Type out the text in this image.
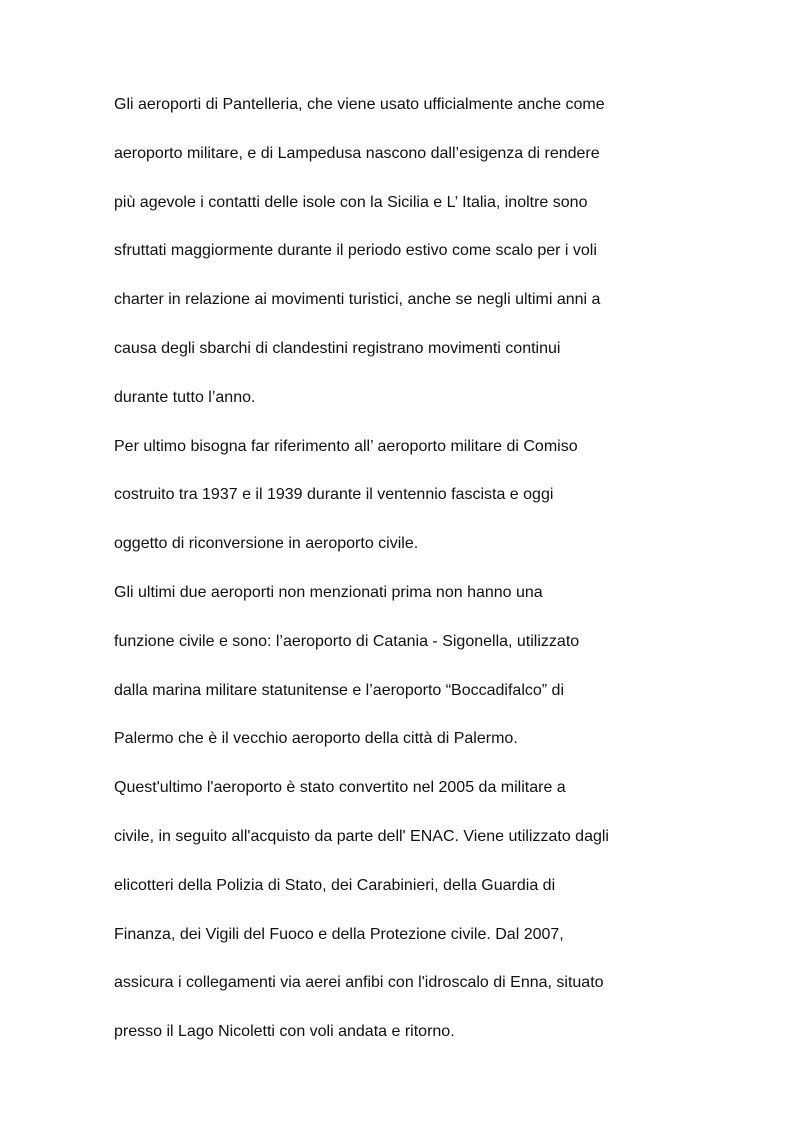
Gli aeroporti di Pantelleria, che viene usato ufficialmente anche come
aeroporto militare, e di Lampedusa nascono dall’esigenza di rendere
più agevole i contatti delle isole con la Sicilia e L’ Italia, inoltre sono
sfruttati maggiormente durante il periodo estivo come scalo per i voli
charter in relazione ai movimenti turistici, anche se negli ultimi anni a
causa degli sbarchi di clandestini registrano movimenti continui
durante tutto l’anno.
Per ultimo bisogna far riferimento all’ aeroporto militare di Comiso
costruito tra 1937 e il 1939 durante il ventennio fascista e oggi
oggetto di riconversione in aeroporto civile.
Gli ultimi due aeroporti non menzionati prima non hanno una
funzione civile e sono: l’aeroporto di Catania - Sigonella, utilizzato
dalla marina militare statunitense e l’aeroporto “Boccadifalco” di
Palermo che è il vecchio aeroporto della città di Palermo.
Quest'ultimo l'aeroporto è stato convertito nel 2005 da militare a
civile, in seguito all'acquisto da parte dell' ENAC. Viene utilizzato dagli
elicotteri della Polizia di Stato, dei Carabinieri, della Guardia di
Finanza, dei Vigili del Fuoco e della Protezione civile. Dal 2007,
assicura i collegamenti via aerei anfibi con l'idroscalo di Enna, situato
presso il Lago Nicoletti con voli andata e ritorno.
